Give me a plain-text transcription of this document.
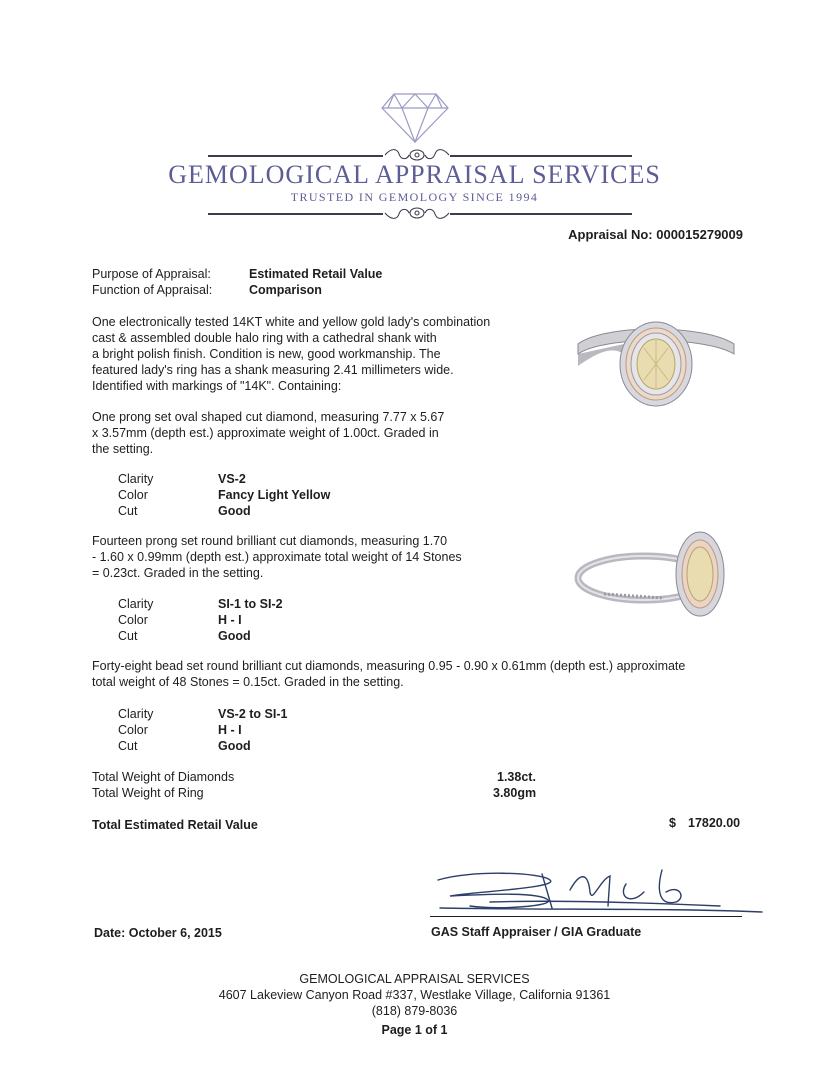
GEMOLOGICAL APPRAISAL SERVICES
TRUSTED IN GEMOLOGY SINCE 1994
Appraisal No: 000015279009
Purpose of Appraisal:	Estimated Retail Value
Function of Appraisal:	Comparison
One electronically tested 14KT white and yellow gold lady's combination
cast & assembled double halo ring with a cathedral shank with
a bright polish finish. Condition is new, good workmanship. The
featured lady's ring has a shank measuring 2.41 millimeters wide.
Identified with markings of "14K". Containing:
One prong set oval shaped cut diamond, measuring 7.77 x 5.67
x 3.57mm (depth est.) approximate weight of 1.00ct. Graded in
the setting.
Clarity	VS-2
Color	Fancy Light Yellow
Cut	Good
Fourteen prong set round brilliant cut diamonds, measuring 1.70
- 1.60 x 0.99mm (depth est.) approximate total weight of 14 Stones
= 0.23ct. Graded in the setting.
Clarity	SI-1 to SI-2
Color	H - I
Cut	Good
Forty-eight bead set round brilliant cut diamonds, measuring 0.95 - 0.90 x 0.61mm (depth est.) approximate
total weight of 48 Stones = 0.15ct. Graded in the setting.
Clarity	VS-2 to SI-1
Color	H - I
Cut	Good
Total Weight of Diamonds	1.38ct.
Total Weight of Ring	3.80gm
Total Estimated Retail Value	$ 17820.00
Date: October 6, 2015	GAS Staff Appraiser / GIA Graduate
GEMOLOGICAL APPRAISAL SERVICES
4607 Lakeview Canyon Road #337, Westlake Village, California 91361
(818) 879-8036
Page 1 of 1
